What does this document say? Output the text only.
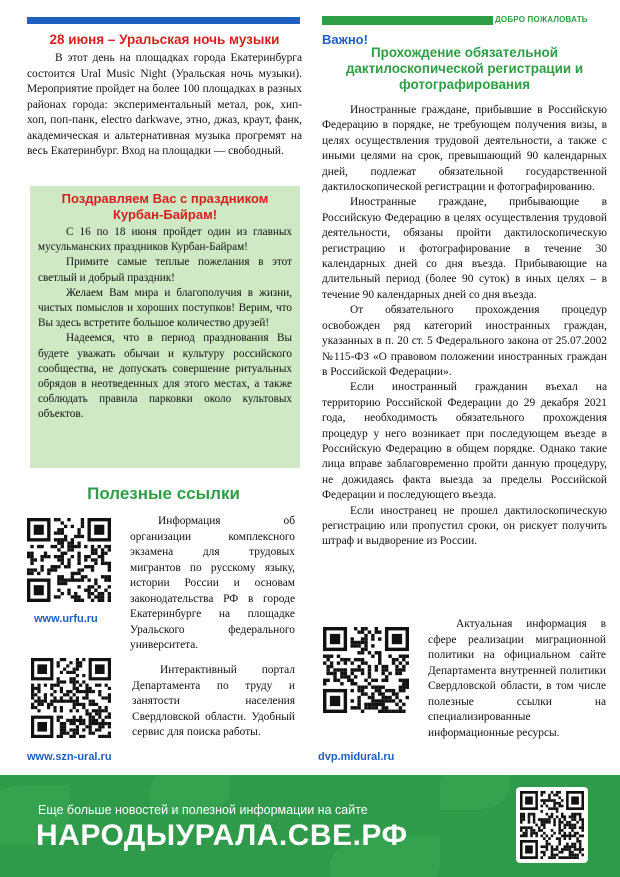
ДОБРО ПОЖАЛОВАТЬ
28 июня – Уральская ночь музыки

В этот день на площадках города Екатеринбурга состоится Ural Music Night (Уральская ночь музыки). Мероприятие пройдет на более 100 площадках в разных районах города: экспериментальный метал, рок, хип-хоп, поп-панк, electro darkwave, этно, джаз, краут, фанк, академическая и альтернативная музыка прогремят на весь Екатеринбург. Вход на площадки — свободный.

Поздравляем Вас с праздником Курбан-Байрам!

С 16 по 18 июня пройдет один из главных мусульманских праздников Курбан-Байрам!

Примите самые теплые пожелания в этот светлый и добрый праздник!

Желаем Вам мира и благополучия в жизни, чистых помыслов и хороших поступков! Верим, что Вы здесь встретите большое количество друзей!

Надеемся, что в период празднования Вы будете уважать обычаи и культуру российского сообщества, не допускать совершение ритуальных обрядов в неотведенных для этого местах, а также соблюдать правила парковки около культовых объектов.

Полезные ссылки
Информация об организации комплексного экзамена для трудовых мигрантов по русскому языку, истории России и основам законодательства РФ в городе Екатеринбурге на площадке Уральского федерального университета.
www.urfu.ru
Интерактивный портал Департамента по труду и занятости населения Свердловской области. Удобный сервис для поиска работы.
www.szn-ural.ru
Важно!
Прохождение обязательной дактилоскопической регистрации и фотографирования

Иностранные граждане, прибывшие в Российскую Федерацию в порядке, не требующем получения визы, в целях осуществления трудовой деятельности, а также с иными целями на срок, превышающий 90 календарных дней, подлежат обязательной государственной дактилоскопической регистрации и фотографированию.

Иностранные граждане, прибывающие в Российскую Федерацию в целях осуществления трудовой деятельности, обязаны пройти дактилоскопическую регистрацию и фотографирование в течение 30 календарных дней со дня въезда. Прибывающие на длительный период (более 90 суток) в иных целях – в течение 90 календарных дней со дня въезда.

От обязательного прохождения процедур освобожден ряд категорий иностранных граждан, указанных в п. 20 ст. 5 Федерального закона от 25.07.2002 №115-ФЗ «О правовом положении иностранных граждан в Российской Федерации».

Если иностранный гражданин въехал на территорию Российской Федерации до 29 декабря 2021 года, необходимость обязательного прохождения процедур у него возникает при последующем въезде в Российскую Федерацию в общем порядке. Однако такие лица вправе заблаговременно пройти данную процедуру, не дожидаясь факта выезда за пределы Российской Федерации и последующего въезда.

Если иностранец не прошел дактилоскопическую регистрацию или пропустил сроки, он рискует получить штраф и выдворение из России.

Актуальная информация в сфере реализации миграционной политики на официальном сайте Департамента внутренней политики Свердловской области, в том числе полезные ссылки на специализированные информационные ресурсы.
dvp.midural.ru
Еще больше новостей и полезной информации на сайте
НАРОДЫУРАЛА.СВЕ.РФ
